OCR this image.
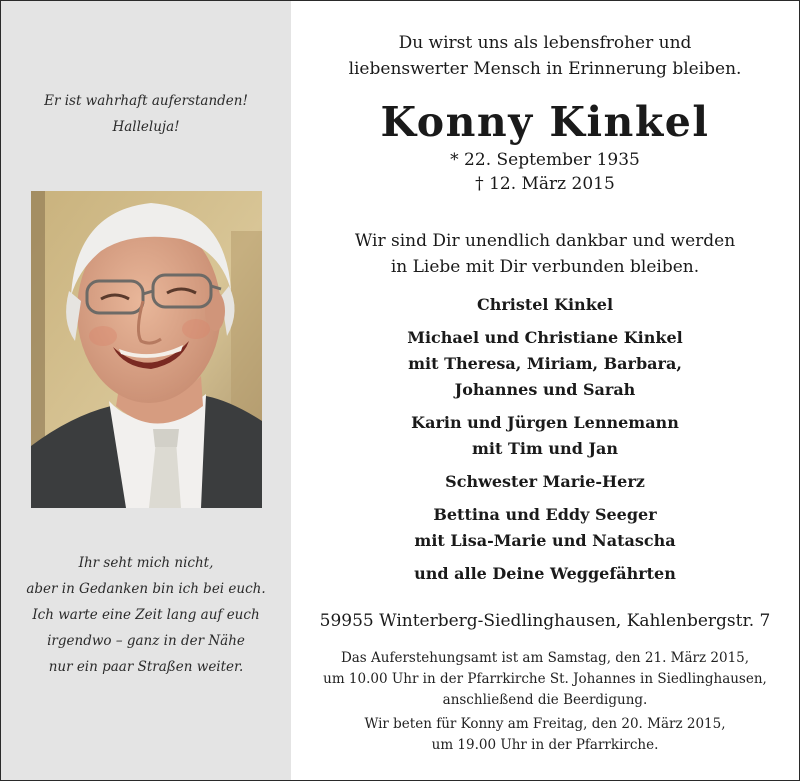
Er ist wahrhaft auferstanden!
Halleluja!
Ihr seht mich nicht,
aber in Gedanken bin ich bei euch.
Ich warte eine Zeit lang auf euch
irgendwo – ganz in der Nähe
nur ein paar Straßen weiter.
Du wirst uns als lebensfroher und
liebenswerter Mensch in Erinnerung bleiben.
Konny Kinkel
* 22. September 1935
† 12. März 2015
Wir sind Dir unendlich dankbar und werden
in Liebe mit Dir verbunden bleiben.
Christel Kinkel
Michael und Christiane Kinkel
mit Theresa, Miriam, Barbara,
Johannes und Sarah
Karin und Jürgen Lennemann
mit Tim und Jan
Schwester Marie-Herz
Bettina und Eddy Seeger
mit Lisa-Marie und Natascha
und alle Deine Weggefährten

59955 Winterberg-Siedlinghausen, Kahlenbergstr. 7

Das Auferstehungsamt ist am Samstag, den 21. März 2015,
um 10.00 Uhr in der Pfarrkirche St. Johannes in Siedlinghausen,
anschließend die Beerdigung.
Wir beten für Konny am Freitag, den 20. März 2015,
um 19.00 Uhr in der Pfarrkirche.
